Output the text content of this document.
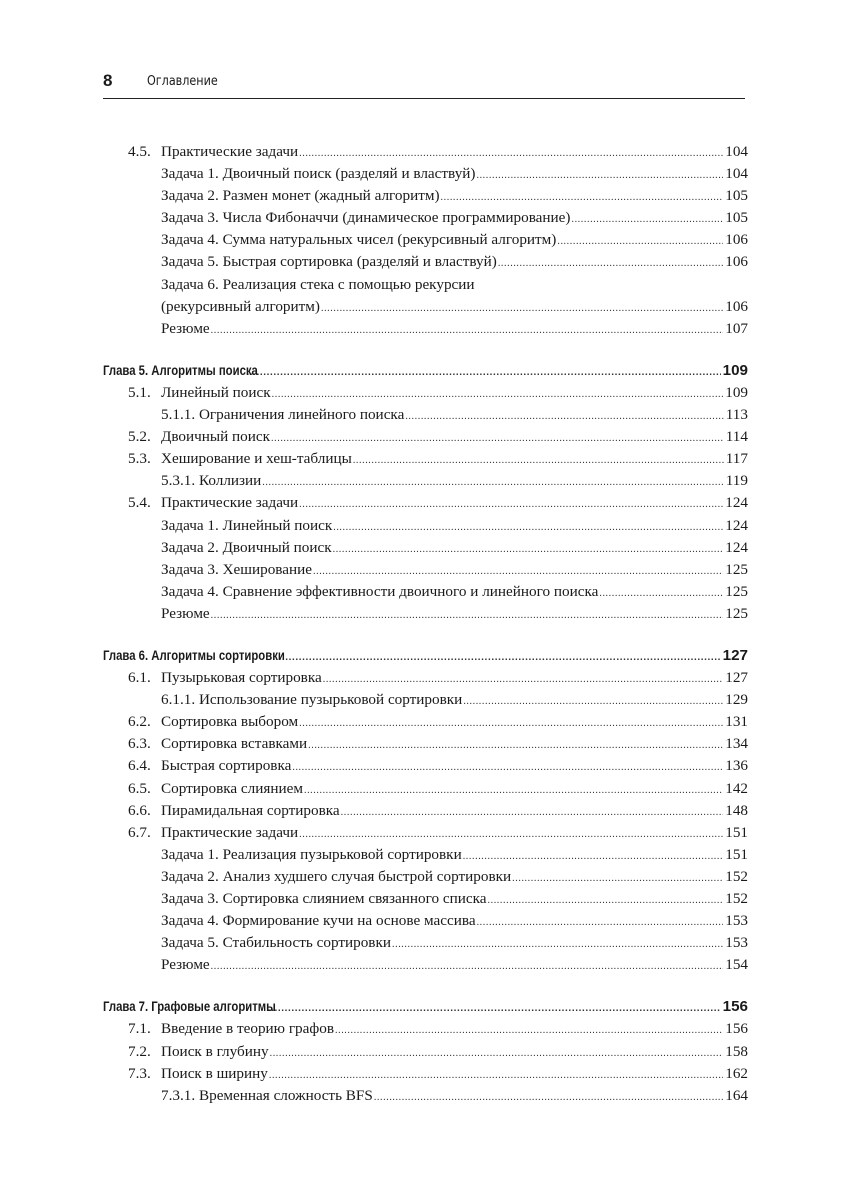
8	Оглавление
4.5. Практические задачи .....	104
Задача 1. Двоичный поиск (разделяй и властвуй) .....	104
Задача 2. Размен монет (жадный алгоритм) .....	105
Задача 3. Числа Фибоначчи (динамическое программирование) .....	105
Задача 4. Сумма натуральных чисел (рекурсивный алгоритм) .....	106
Задача 5. Быстрая сортировка (разделяй и властвуй) .....	106
Задача 6. Реализация стека с помощью рекурсии
(рекурсивный алгоритм) .....	106
Резюме .....	107
Глава 5. Алгоритмы поиска .....	109
5.1. Линейный поиск .....	109
5.1.1. Ограничения линейного поиска .....	113
5.2. Двоичный поиск .....	114
5.3. Хеширование и хеш-таблицы .....	117
5.3.1. Коллизии .....	119
5.4. Практические задачи .....	124
Задача 1. Линейный поиск .....	124
Задача 2. Двоичный поиск .....	124
Задача 3. Хеширование .....	125
Задача 4. Сравнение эффективности двоичного и линейного поиска .....	125
Резюме .....	125
Глава 6. Алгоритмы сортировки .....	127
6.1. Пузырьковая сортировка .....	127
6.1.1. Использование пузырьковой сортировки .....	129
6.2. Сортировка выбором .....	131
6.3. Сортировка вставками .....	134
6.4. Быстрая сортировка .....	136
6.5. Сортировка слиянием .....	142
6.6. Пирамидальная сортировка .....	148
6.7. Практические задачи .....	151
Задача 1. Реализация пузырьковой сортировки .....	151
Задача 2. Анализ худшего случая быстрой сортировки .....	152
Задача 3. Сортировка слиянием связанного списка .....	152
Задача 4. Формирование кучи на основе массива .....	153
Задача 5. Стабильность сортировки .....	153
Резюме .....	154
Глава 7. Графовые алгоритмы .....	156
7.1. Введение в теорию графов .....	156
7.2. Поиск в глубину .....	158
7.3. Поиск в ширину .....	162
7.3.1. Временная сложность BFS .....	164
